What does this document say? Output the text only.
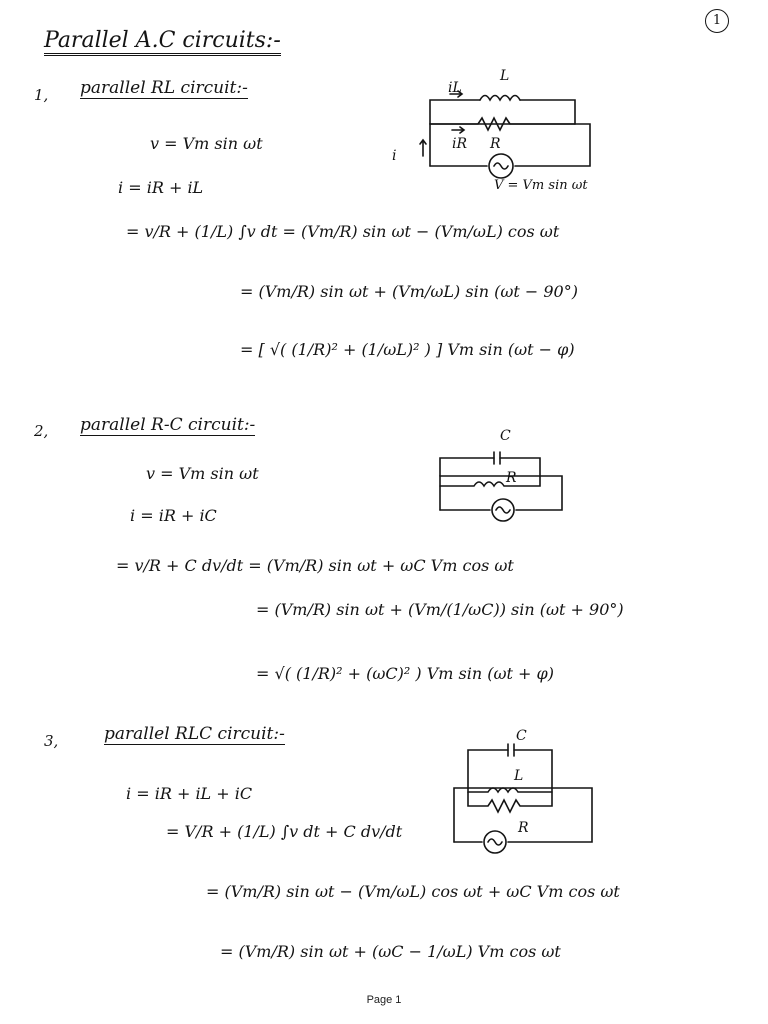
1
Parallel A.C circuits:-
1, parallel RL circuit:-
v = Vm sin ωt
i = iR + iL
= v/R + (1/L) ∫v dt = (Vm/R) sin ωt − (Vm/ωL) cos ωt
= (Vm/R) sin ωt + (Vm/ωL) sin (ωt − 90°)
= [ √( (1/R)² + (1/ωL)² ) ] Vm sin (ωt − φ)
iL
L
iR R
i
V = Vm sin ωt
2, parallel R-C circuit:-
v = Vm sin ωt
i = iR + iC
= v/R + C dv/dt = (Vm/R) sin ωt + ωC Vm cos ωt
= (Vm/R) sin ωt + (Vm/(1/ωC)) sin (ωt + 90°)
= √( (1/R)² + (ωC)² ) Vm sin (ωt + φ)
C
R
3,	parallel RLC circuit:-
i = iR + iL + iC
= V/R + (1/L) ∫v dt + C dv/dt
= (Vm/R) sin ωt − (Vm/ωL) cos ωt + ωC Vm cos ωt
= (Vm/R) sin ωt + (ωC − 1/ωL) Vm cos ωt
C
L
R
Page 1
